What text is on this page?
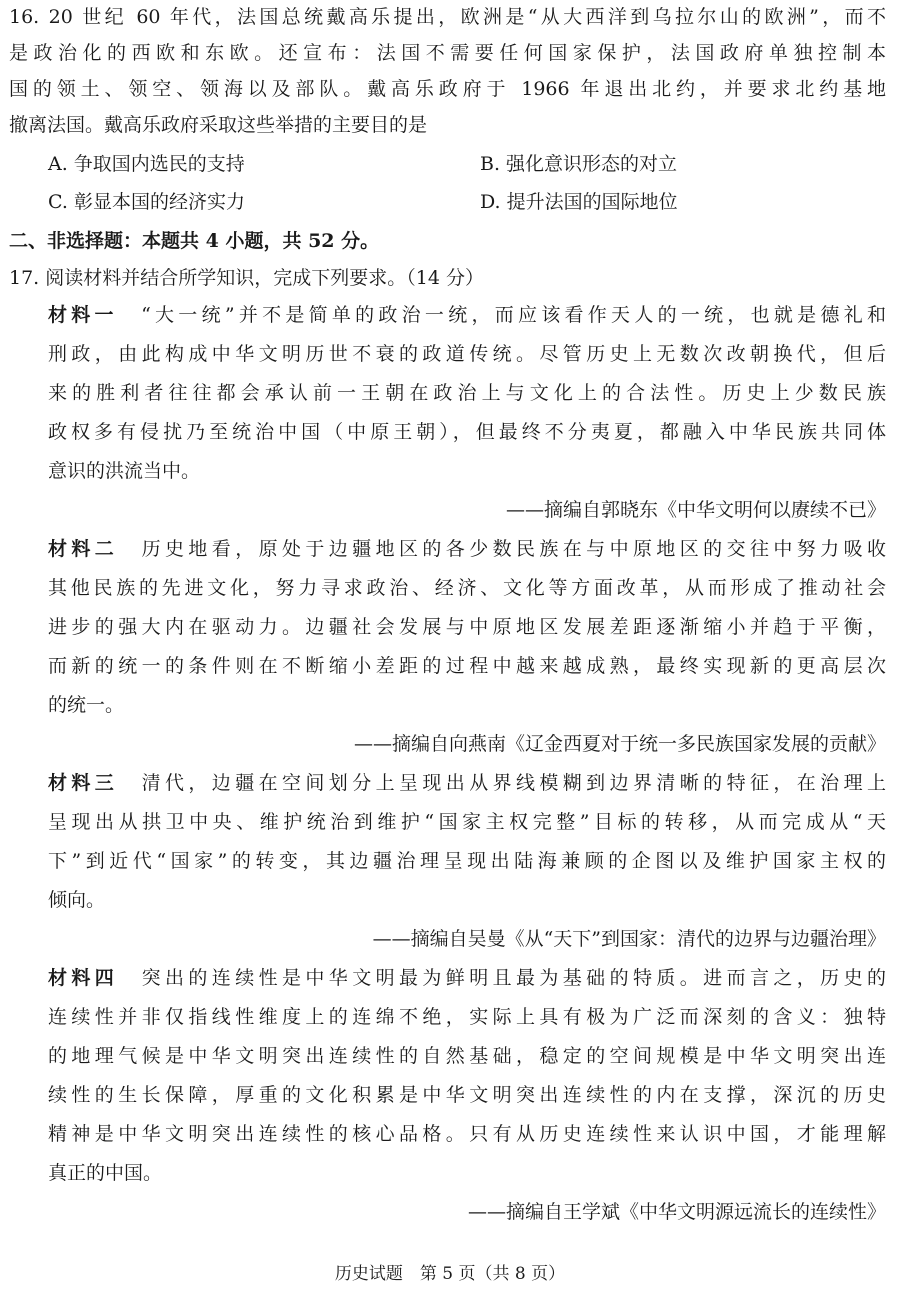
16. 20 世纪 60 年代，法国总统戴高乐提出，欧洲是“从大西洋到乌拉尔山的欧洲”，而不
是政治化的西欧和东欧。还宣布：法国不需要任何国家保护，法国政府单独控制本
国的领土、领空、领海以及部队。戴高乐政府于 1966 年退出北约，并要求北约基地
撤离法国。戴高乐政府采取这些举措的主要目的是
A. 争取国内选民的支持	B. 强化意识形态的对立
C. 彰显本国的经济实力	D. 提升法国的国际地位
二、非选择题：本题共 4 小题，共 52 分。
17. 阅读材料并结合所学知识，完成下列要求。（14 分）
材料一　 “大一统”并不是简单的政治一统，而应该看作天人的一统，也就是德礼和
刑政，由此构成中华文明历世不衰的政道传统。尽管历史上无数次改朝换代，但后
来的胜利者往往都会承认前一王朝在政治上与文化上的合法性。历史上少数民族
政权多有侵扰乃至统治中国（中原王朝），但最终不分夷夏，都融入中华民族共同体
意识的洪流当中。
——摘编自郭晓东《中华文明何以赓续不已》
材料二　 历史地看，原处于边疆地区的各少数民族在与中原地区的交往中努力吸收
其他民族的先进文化，努力寻求政治、经济、文化等方面改革，从而形成了推动社会
进步的强大内在驱动力。边疆社会发展与中原地区发展差距逐渐缩小并趋于平衡，
而新的统一的条件则在不断缩小差距的过程中越来越成熟，最终实现新的更高层次
的统一。
——摘编自向燕南《辽金西夏对于统一多民族国家发展的贡献》
材料三　 清代，边疆在空间划分上呈现出从界线模糊到边界清晰的特征，在治理上
呈现出从拱卫中央、维护统治到维护“国家主权完整”目标的转移，从而完成从“天
下”到近代“国家”的转变，其边疆治理呈现出陆海兼顾的企图以及维护国家主权的
倾向。
——摘编自吴曼《从“天下”到国家：清代的边界与边疆治理》
材料四　 突出的连续性是中华文明最为鲜明且最为基础的特质。进而言之，历史的
连续性并非仅指线性维度上的连绵不绝，实际上具有极为广泛而深刻的含义：独特
的地理气候是中华文明突出连续性的自然基础，稳定的空间规模是中华文明突出连
续性的生长保障，厚重的文化积累是中华文明突出连续性的内在支撑，深沉的历史
精神是中华文明突出连续性的核心品格。只有从历史连续性来认识中国，才能理解
真正的中国。
——摘编自王学斌《中华文明源远流长的连续性》
历史试题　第 5 页（共 8 页）
